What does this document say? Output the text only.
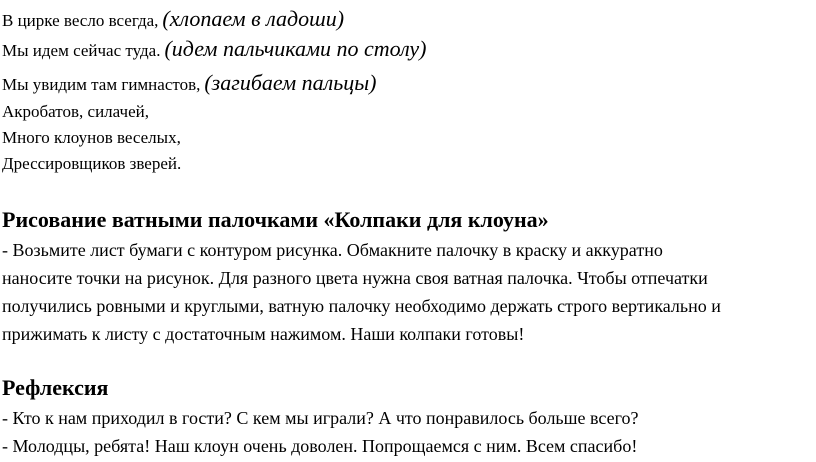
В цирке весло всегда, (хлопаем в ладоши)
Мы идем сейчас туда. (идем пальчиками по столу)
Мы увидим там гимнастов, (загибаем пальцы)
Акробатов, силачей,
Много клоунов веселых,
Дрессировщиков зверей.
Рисование ватными палочками «Колпаки для клоуна»
- Возьмите лист бумаги с контуром рисунка. Обмакните палочку в краску и аккуратно
наносите точки на рисунок. Для разного цвета нужна своя ватная палочка. Чтобы отпечатки
получились ровными и круглыми, ватную палочку необходимо держать строго вертикально и
прижимать к листу с достаточным нажимом. Наши колпаки готовы!
Рефлексия
- Кто к нам приходил в гости? С кем мы играли? А что понравилось больше всего?
- Молодцы, ребята! Наш клоун очень доволен. Попрощаемся с ним. Всем спасибо!
